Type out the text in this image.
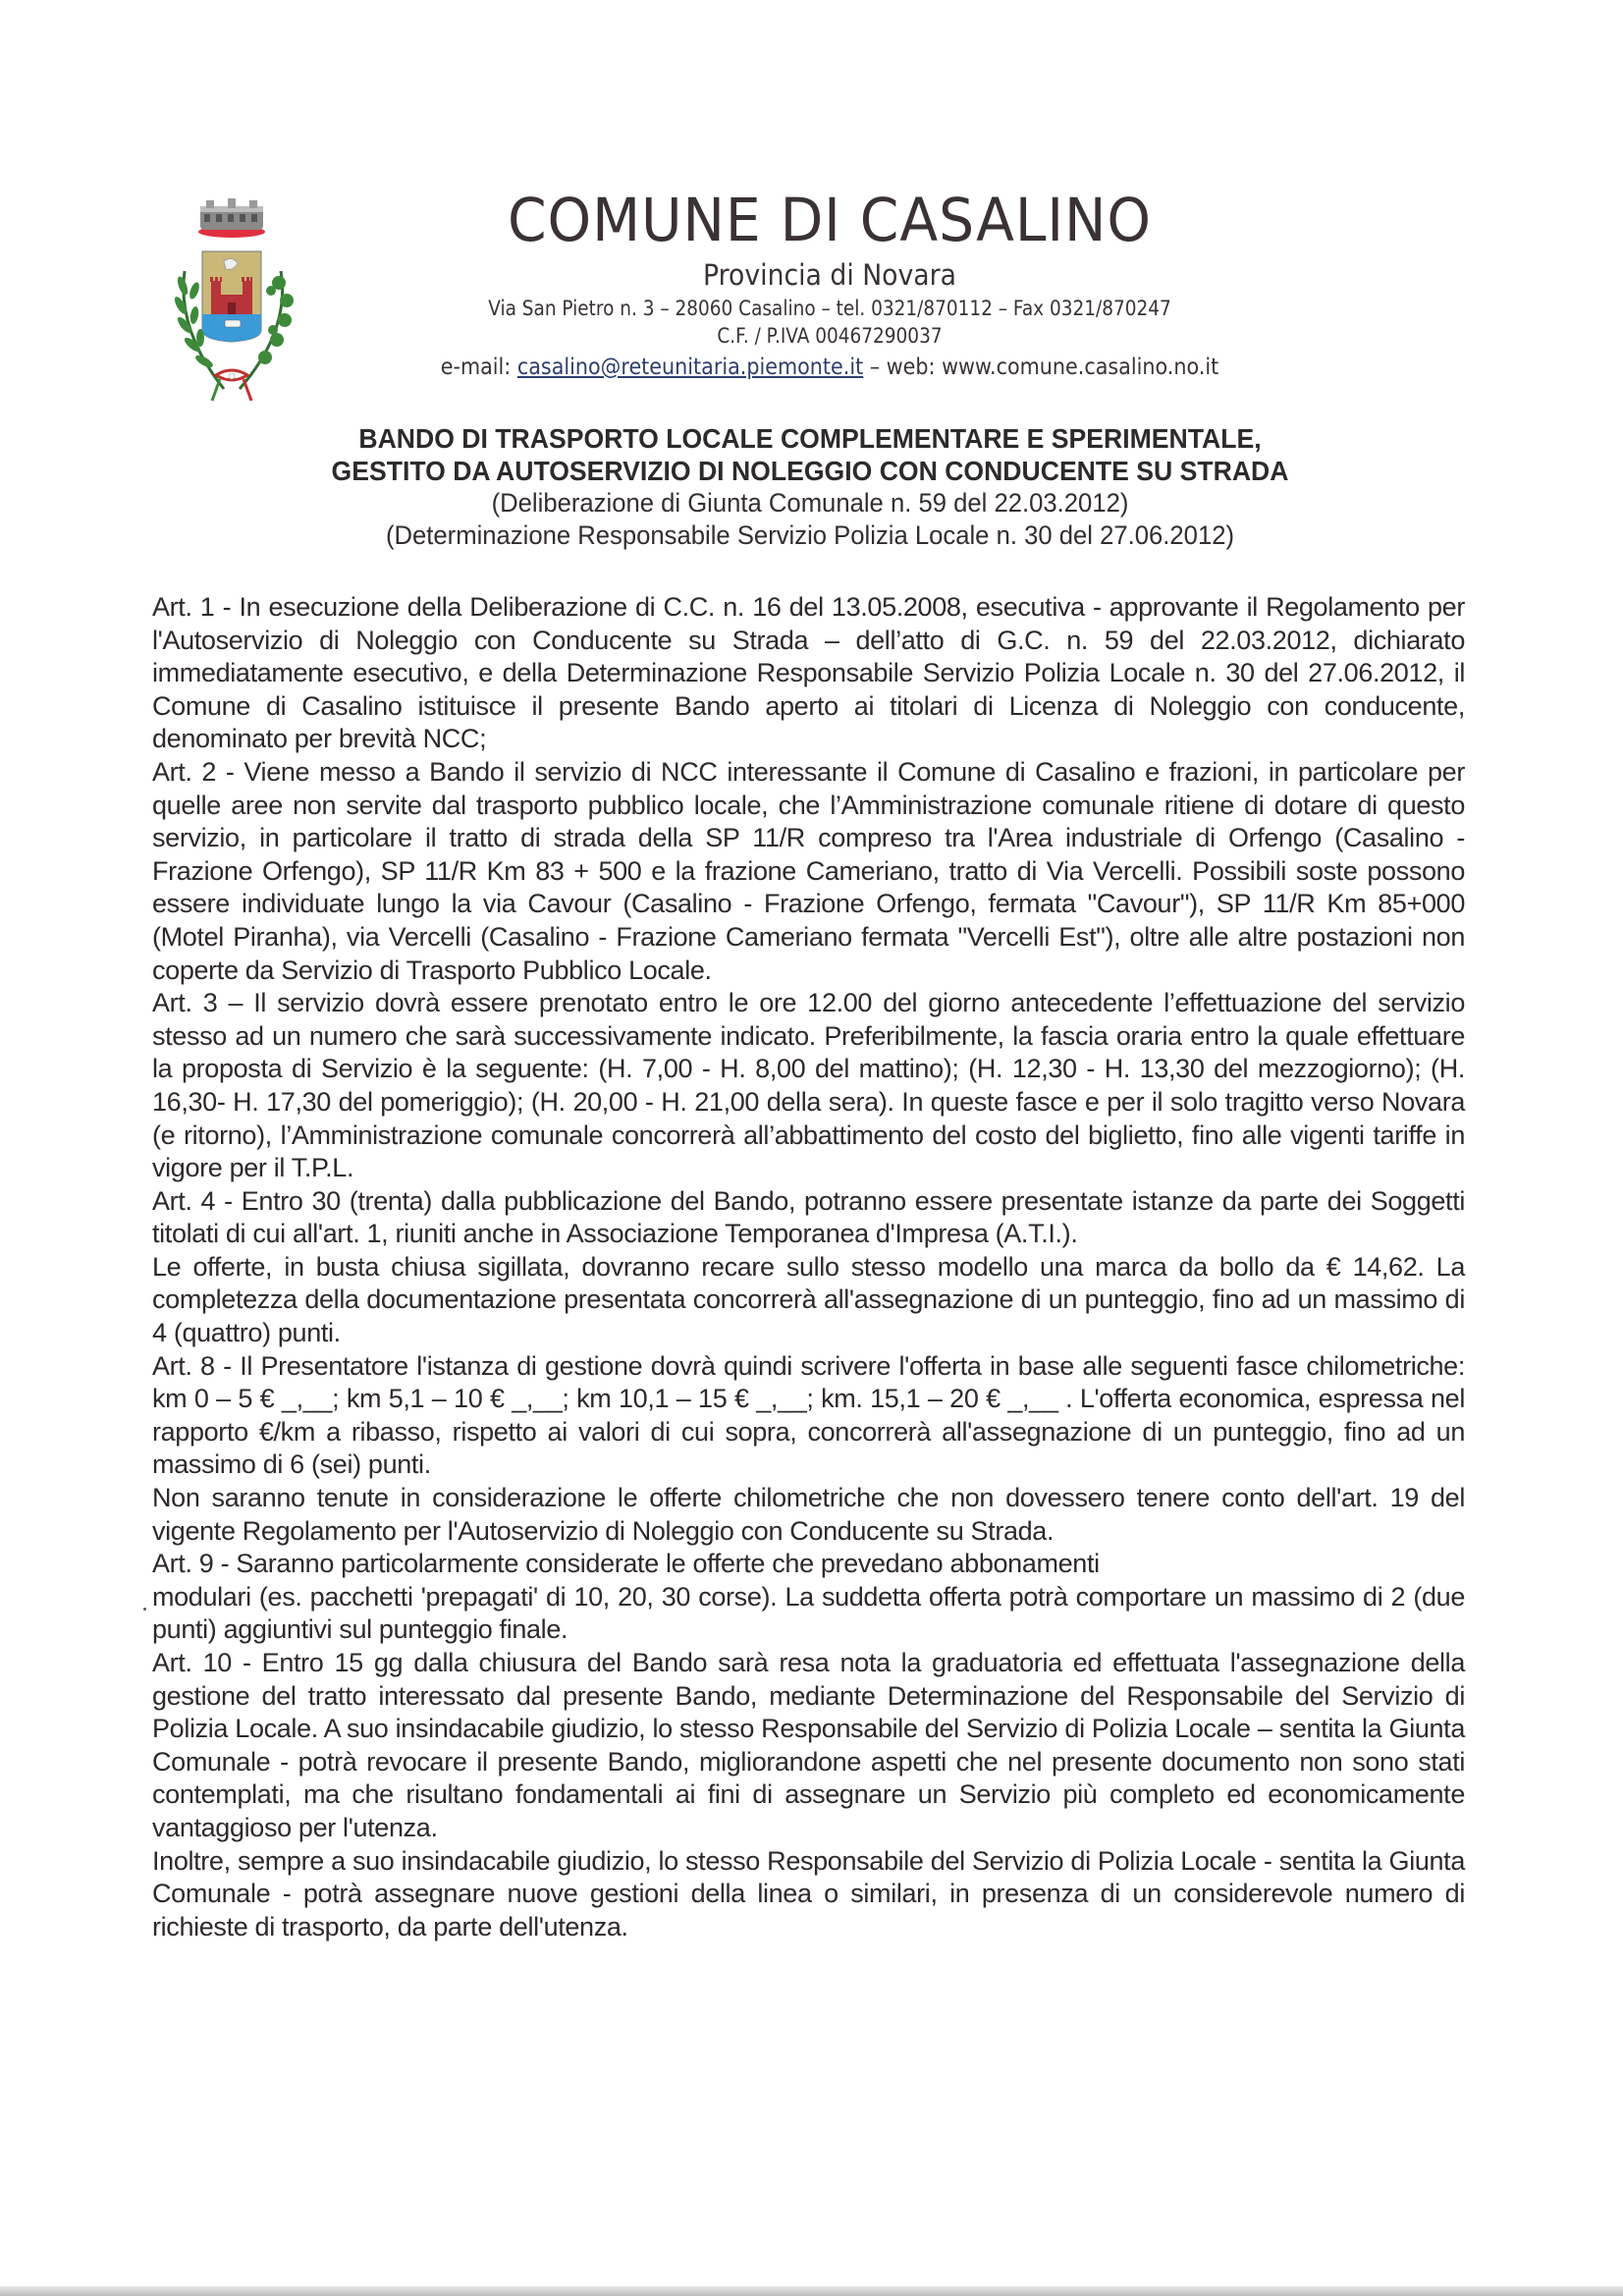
COMUNE DI CASALINO
Provincia di Novara
Via San Pietro n. 3 – 28060 Casalino – tel. 0321/870112 – Fax 0321/870247
C.F. / P.IVA 00467290037
e-mail: casalino@reteunitaria.piemonte.it – web: www.comune.casalino.no.it
BANDO DI TRASPORTO LOCALE COMPLEMENTARE E SPERIMENTALE,
GESTITO DA AUTOSERVIZIO DI NOLEGGIO CON CONDUCENTE SU STRADA
(Deliberazione di Giunta Comunale n. 59 del 22.03.2012)
(Determinazione Responsabile Servizio Polizia Locale n. 30 del 27.06.2012)

Art. 1 - In esecuzione della Deliberazione di C.C. n. 16 del 13.05.2008, esecutiva - approvante il Regolamento per l'Autoservizio di Noleggio con Conducente su Strada – dell’atto di G.C. n. 59 del 22.03.2012, dichiarato immediatamente esecutivo, e della Determinazione Responsabile Servizio Polizia Locale n. 30 del 27.06.2012, il Comune di Casalino istituisce il presente Bando aperto ai titolari di Licenza di Noleggio con conducente, denominato per brevità NCC;

Art. 2 - Viene messo a Bando il servizio di NCC interessante il Comune di Casalino e frazioni, in particolare per quelle aree non servite dal trasporto pubblico locale, che l’Amministrazione comunale ritiene di dotare di questo servizio, in particolare il tratto di strada della SP 11/R compreso tra l'Area industriale di Orfengo (Casalino - Frazione Orfengo), SP 11/R Km 83 + 500 e la frazione Cameriano, tratto di Via Vercelli. Possibili soste possono essere individuate lungo la via Cavour (Casalino - Frazione Orfengo, fermata "Cavour"), SP 11/R Km 85+000 (Motel Piranha), via Vercelli (Casalino - Frazione Cameriano fermata "Vercelli Est"), oltre alle altre postazioni non coperte da Servizio di Trasporto Pubblico Locale.

Art. 3 – Il servizio dovrà essere prenotato entro le ore 12.00 del giorno antecedente l’effettuazione del servizio stesso ad un numero che sarà successivamente indicato. Preferibilmente, la fascia oraria entro la quale effettuare la proposta di Servizio è la seguente: (H. 7,00 - H. 8,00 del mattino); (H. 12,30 - H. 13,30 del mezzogiorno); (H. 16,30- H. 17,30 del pomeriggio); (H. 20,00 - H. 21,00 della sera). In queste fasce e per il solo tragitto verso Novara (e ritorno), l’Amministrazione comunale concorrerà all’abbattimento del costo del biglietto, fino alle vigenti tariffe in vigore per il T.P.L.

Art. 4 - Entro 30 (trenta) dalla pubblicazione del Bando, potranno essere presentate istanze da parte dei Soggetti titolati di cui all'art. 1, riuniti anche in Associazione Temporanea d'Impresa (A.T.I.).

Le offerte, in busta chiusa sigillata, dovranno recare sullo stesso modello una marca da bollo da € 14,62. La completezza della documentazione presentata concorrerà all'assegnazione di un punteggio, fino ad un massimo di 4 (quattro) punti.

Art. 8 - Il Presentatore l'istanza di gestione dovrà quindi scrivere l'offerta in base alle seguenti fasce chilometriche: km 0 – 5 € _,__; km 5,1 – 10 € _,__; km 10,1 – 15 € _,__; km. 15,1 – 20 € _,__ . L'offerta economica, espressa nel rapporto €/km a ribasso, rispetto ai valori di cui sopra, concorrerà all'assegnazione di un punteggio, fino ad un massimo di 6 (sei) punti.

Non saranno tenute in considerazione le offerte chilometriche che non dovessero tenere conto dell'art. 19 del vigente Regolamento per l'Autoservizio di Noleggio con Conducente su Strada.

Art. 9 - Saranno particolarmente considerate le offerte che prevedano abbonamenti

modulari (es. pacchetti 'prepagati' di 10, 20, 30 corse). La suddetta offerta potrà comportare un massimo di 2 (due punti) aggiuntivi sul punteggio finale.

Art. 10 - Entro 15 gg dalla chiusura del Bando sarà resa nota la graduatoria ed effettuata l'assegnazione della gestione del tratto interessato dal presente Bando, mediante Determinazione del Responsabile del Servizio di Polizia Locale. A suo insindacabile giudizio, lo stesso Responsabile del Servizio di Polizia Locale – sentita la Giunta Comunale - potrà revocare il presente Bando, migliorandone aspetti che nel presente documento non sono stati contemplati, ma che risultano fondamentali ai fini di assegnare un Servizio più completo ed economicamente vantaggioso per l'utenza.

Inoltre, sempre a suo insindacabile giudizio, lo stesso Responsabile del Servizio di Polizia Locale - sentita la Giunta Comunale - potrà assegnare nuove gestioni della linea o similari, in presenza di un considerevole numero di richieste di trasporto, da parte dell'utenza.
